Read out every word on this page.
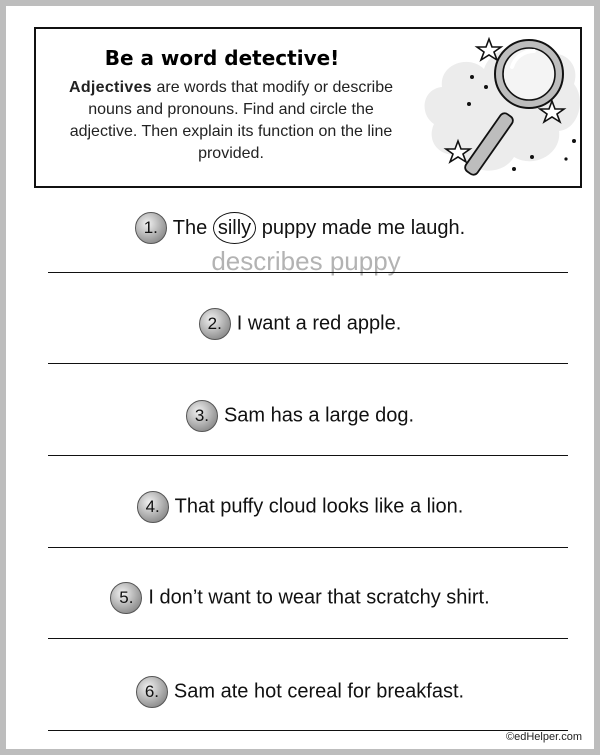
Be a word detective!

Adjectives are words that modify or describe nouns and pronouns. Find and circle the adjective. Then explain its function on the line provided.

1. The silly puppy made me laugh.
describes puppy
2. I want a red apple.
3. Sam has a large dog.
4. That puffy cloud looks like a lion.
5. I don’t want to wear that scratchy shirt.
6. Sam ate hot cereal for breakfast.
©edHelper.com
